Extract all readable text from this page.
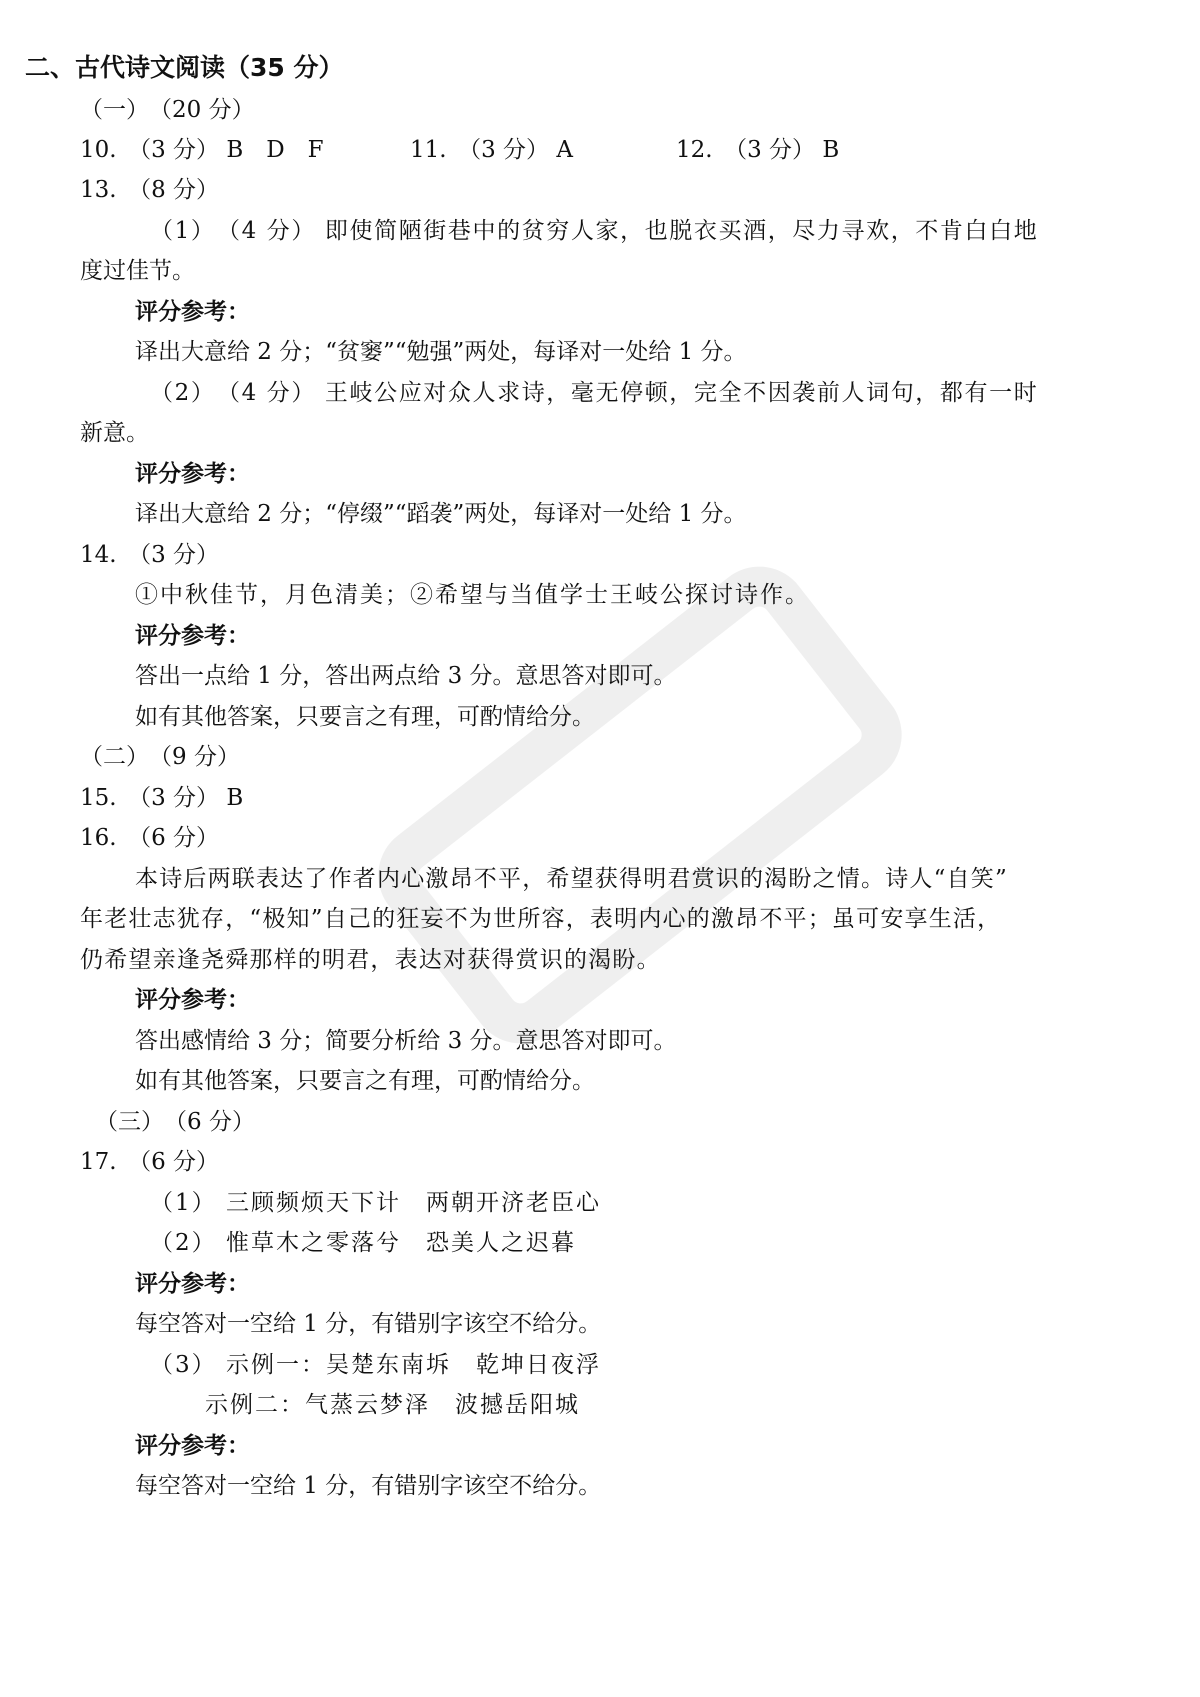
二、古代诗文阅读（35 分）
（一）　（20 分）

10.　（3 分） B　D　F

	11.　（3 分） A

	12.　（3 分） B

13.　（8 分）
（1）　（4 分） 即使简陋街巷中的贫穷人家，也脱衣买酒，尽力寻欢，不肯白白地
度过佳节。
评分参考：
译出大意给 2 分；“贫窭”“勉强”两处，每译对一处给 1 分。
（2）　（4 分） 王岐公应对众人求诗，毫无停顿，完全不因袭前人词句，都有一时
新意。
评分参考：
译出大意给 2 分；“停缀”“蹈袭”两处，每译对一处给 1 分。
14.　（3 分）
①中秋佳节，月色清美；②希望与当值学士王岐公探讨诗作。
评分参考：
答出一点给 1 分，答出两点给 3 分。意思答对即可。
如有其他答案，只要言之有理，可酌情给分。
（二）　（9 分）
15.　（3 分） B
16.　（6 分）
本诗后两联表达了作者内心激昂不平，希望获得明君赏识的渴盼之情。诗人“自笑”
年老壮志犹存，“极知”自己的狂妄不为世所容，表明内心的激昂不平；虽可安享生活，
仍希望亲逢尧舜那样的明君，表达对获得赏识的渴盼。
评分参考：
答出感情给 3 分；简要分析给 3 分。意思答对即可。
如有其他答案，只要言之有理，可酌情给分。
（三）　（6 分）
17.　（6 分）
（1） 三顾频烦天下计　两朝开济老臣心
（2） 惟草木之零落兮　恐美人之迟暮
评分参考：
每空答对一空给 1 分，有错别字该空不给分。
（3） 示例一：吴楚东南坼　乾坤日夜浮
示例二：气蒸云梦泽　波撼岳阳城
评分参考：
每空答对一空给 1 分，有错别字该空不给分。
